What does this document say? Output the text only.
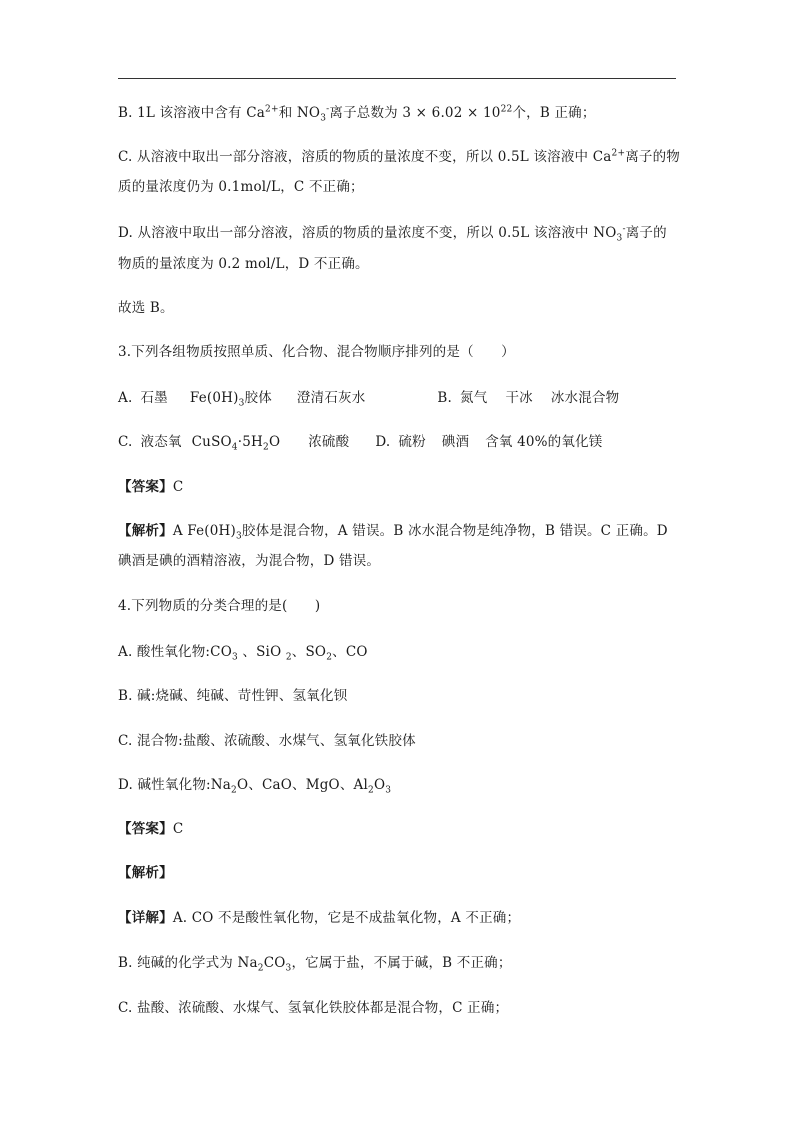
B. 1L 该溶液中含有 $Ca^{2+}$和 $NO_3^-$离子总数为 $3 \times 6.02 \times 10^{22}$个，B 正确；
C. 从溶液中取出一部分溶液，溶质的物质的量浓度不变，所以 0.5L 该溶液中 $Ca^{2+}$离子的物
质的量浓度仍为 0.1mol/L，C 不正确；
D. 从溶液中取出一部分溶液，溶质的物质的量浓度不变，所以 0.5L 该溶液中 $NO_3^-$离子的
物质的量浓度为 0.2 mol/L，D 不正确。
故选 B。
3.下列各组物质按照单质、化合物、混合物顺序排列的是（　　）
A. 石墨 $Fe(0H)_3$胶体 澄清石灰水	B. 氮气 干冰 冰水混合物
C. 液态氧 $CuSO_4\cdot 5H_2O$ 浓硫酸 D. 硫粉 碘酒 含氧 40%的氧化镁
【答案】C
【解析】A $Fe(0H)_3$胶体是混合物，A 错误。B 冰水混合物是纯净物，B 错误。C 正确。D
碘酒是碘的酒精溶液，为混合物，D 错误。
4.下列物质的分类合理的是(　　)
A. 酸性氧化物$:CO_3$ 、SiO $_2$、$SO_2$、CO
B. 碱:烧碱、纯碱、苛性钾、氢氧化钡
C. 混合物:盐酸、浓硫酸、水煤气、氢氧化铁胶体
D. 碱性氧化物$:Na_2O$、CaO、MgO、$Al_2O_3$
【答案】C
【解析】
【详解】A. CO 不是酸性氧化物，它是不成盐氧化物，A 不正确；
B. 纯碱的化学式为 $Na_2CO_3$，它属于盐，不属于碱，B 不正确；
C. 盐酸、浓硫酸、水煤气、氢氧化铁胶体都是混合物，C 正确；
